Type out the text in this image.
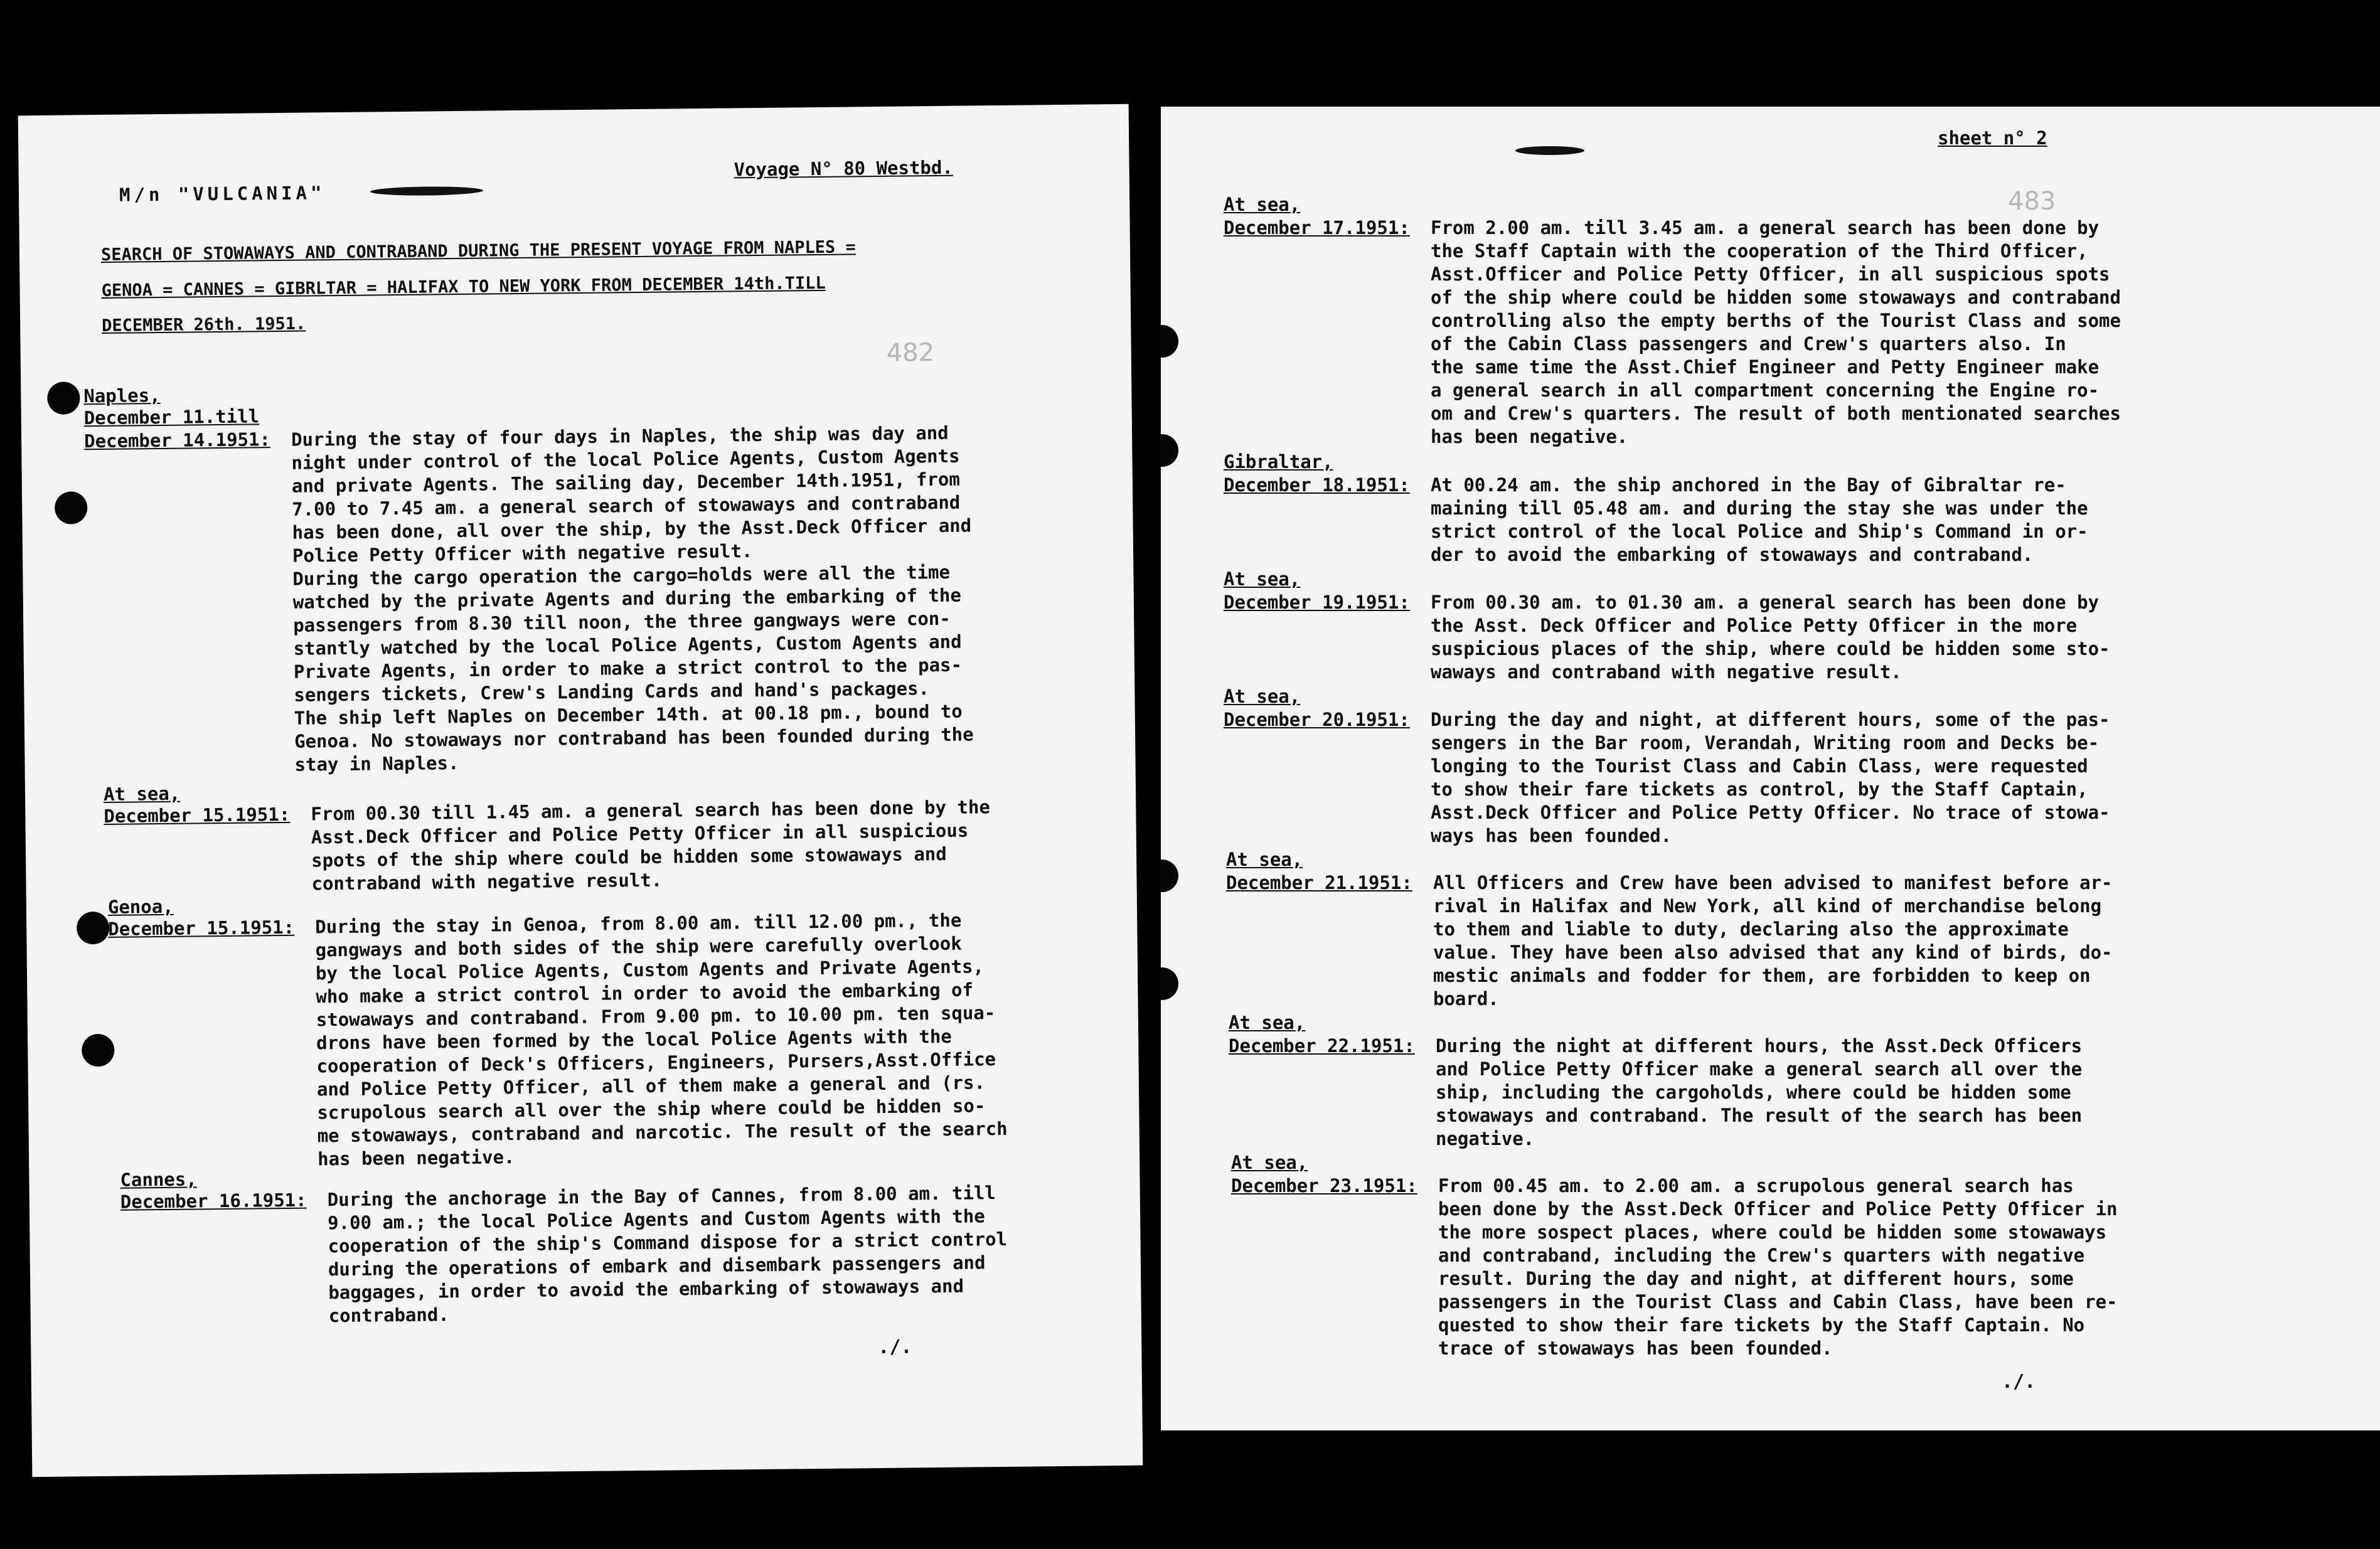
M/n "VULCANIA"
Voyage N° 80 Westbd.
SEARCH OF STOWAWAYS AND CONTRABAND DURING THE PRESENT VOYAGE FROM NAPLES =
GENOA = CANNES = GIBRLTAR = HALIFAX TO NEW YORK FROM DECEMBER 14th.TILL
DECEMBER 26th. 1951.
482
Naples,
December 11.till
December 14.1951: During the stay of four days in Naples, the ship was day and
night under control of the local Police Agents, Custom Agents
and private Agents. The sailing day, December 14th.1951, from
7.00 to 7.45 am. a general search of stowaways and contraband
has been done, all over the ship, by the Asst.Deck Officer and
Police Petty Officer with negative result.
During the cargo operation the cargo=holds were all the time
watched by the private Agents and during the embarking of the
passengers from 8.30 till noon, the three gangways were con-
stantly watched by the local Police Agents, Custom Agents and
Private Agents, in order to make a strict control to the pas-
sengers tickets, Crew's Landing Cards and hand's packages.
The ship left Naples on December 14th. at 00.18 pm., bound to
Genoa. No stowaways nor contraband has been founded during the
stay in Naples.
At sea,
December 15.1951: From 00.30 till 1.45 am. a general search has been done by the
Asst.Deck Officer and Police Petty Officer in all suspicious
spots of the ship where could be hidden some stowaways and
contraband with negative result.
Genoa,
December 15.1951: During the stay in Genoa, from 8.00 am. till 12.00 pm., the
gangways and both sides of the ship were carefully overlook
by the local Police Agents, Custom Agents and Private Agents,
who make a strict control in order to avoid the embarking of
stowaways and contraband. From 9.00 pm. to 10.00 pm. ten squa-
drons have been formed by the local Police Agents with the
cooperation of Deck's Officers, Engineers, Pursers,Asst.Office
and Police Petty Officer, all of them make a general and (rs.
scrupolous search all over the ship where could be hidden so-
me stowaways, contraband and narcotic. The result of the search
has been negative.
Cannes,
December 16.1951: During the anchorage in the Bay of Cannes, from 8.00 am. till
9.00 am.; the local Police Agents and Custom Agents with the
cooperation of the ship's Command dispose for a strict control
during the operations of embark and disembark passengers and
baggages, in order to avoid the embarking of stowaways and
contraband.
./.
sheet n° 2
483
At sea,
December 17.1951: From 2.00 am. till 3.45 am. a general search has been done by
the Staff Captain with the cooperation of the Third Officer,
Asst.Officer and Police Petty Officer, in all suspicious spots
of the ship where could be hidden some stowaways and contraband
controlling also the empty berths of the Tourist Class and some
of the Cabin Class passengers and Crew's quarters also. In
the same time the Asst.Chief Engineer and Petty Engineer make
a general search in all compartment concerning the Engine ro-
om and Crew's quarters. The result of both mentionated searches
has been negative.
Gibraltar,
December 18.1951: At 00.24 am. the ship anchored in the Bay of Gibraltar re-
maining till 05.48 am. and during the stay she was under the
strict control of the local Police and Ship's Command in or-
der to avoid the embarking of stowaways and contraband.
At sea,
December 19.1951: From 00.30 am. to 01.30 am. a general search has been done by
the Asst. Deck Officer and Police Petty Officer in the more
suspicious places of the ship, where could be hidden some sto-
waways and contraband with negative result.
At sea,
December 20.1951: During the day and night, at different hours, some of the pas-
sengers in the Bar room, Verandah, Writing room and Decks be-
longing to the Tourist Class and Cabin Class, were requested
to show their fare tickets as control, by the Staff Captain,
Asst.Deck Officer and Police Petty Officer. No trace of stowa-
ways has been founded.
At sea,
December 21.1951: All Officers and Crew have been advised to manifest before ar-
rival in Halifax and New York, all kind of merchandise belong
to them and liable to duty, declaring also the approximate
value. They have been also advised that any kind of birds, do-
mestic animals and fodder for them, are forbidden to keep on
board.
At sea,
December 22.1951: During the night at different hours, the Asst.Deck Officers
and Police Petty Officer make a general search all over the
ship, including the cargoholds, where could be hidden some
stowaways and contraband. The result of the search has been
negative.
At sea,
December 23.1951: From 00.45 am. to 2.00 am. a scrupolous general search has
been done by the Asst.Deck Officer and Police Petty Officer in
the more sospect places, where could be hidden some stowaways
and contraband, including the Crew's quarters with negative
result. During the day and night, at different hours, some
passengers in the Tourist Class and Cabin Class, have been re-
quested to show their fare tickets by the Staff Captain. No
trace of stowaways has been founded.
./.
